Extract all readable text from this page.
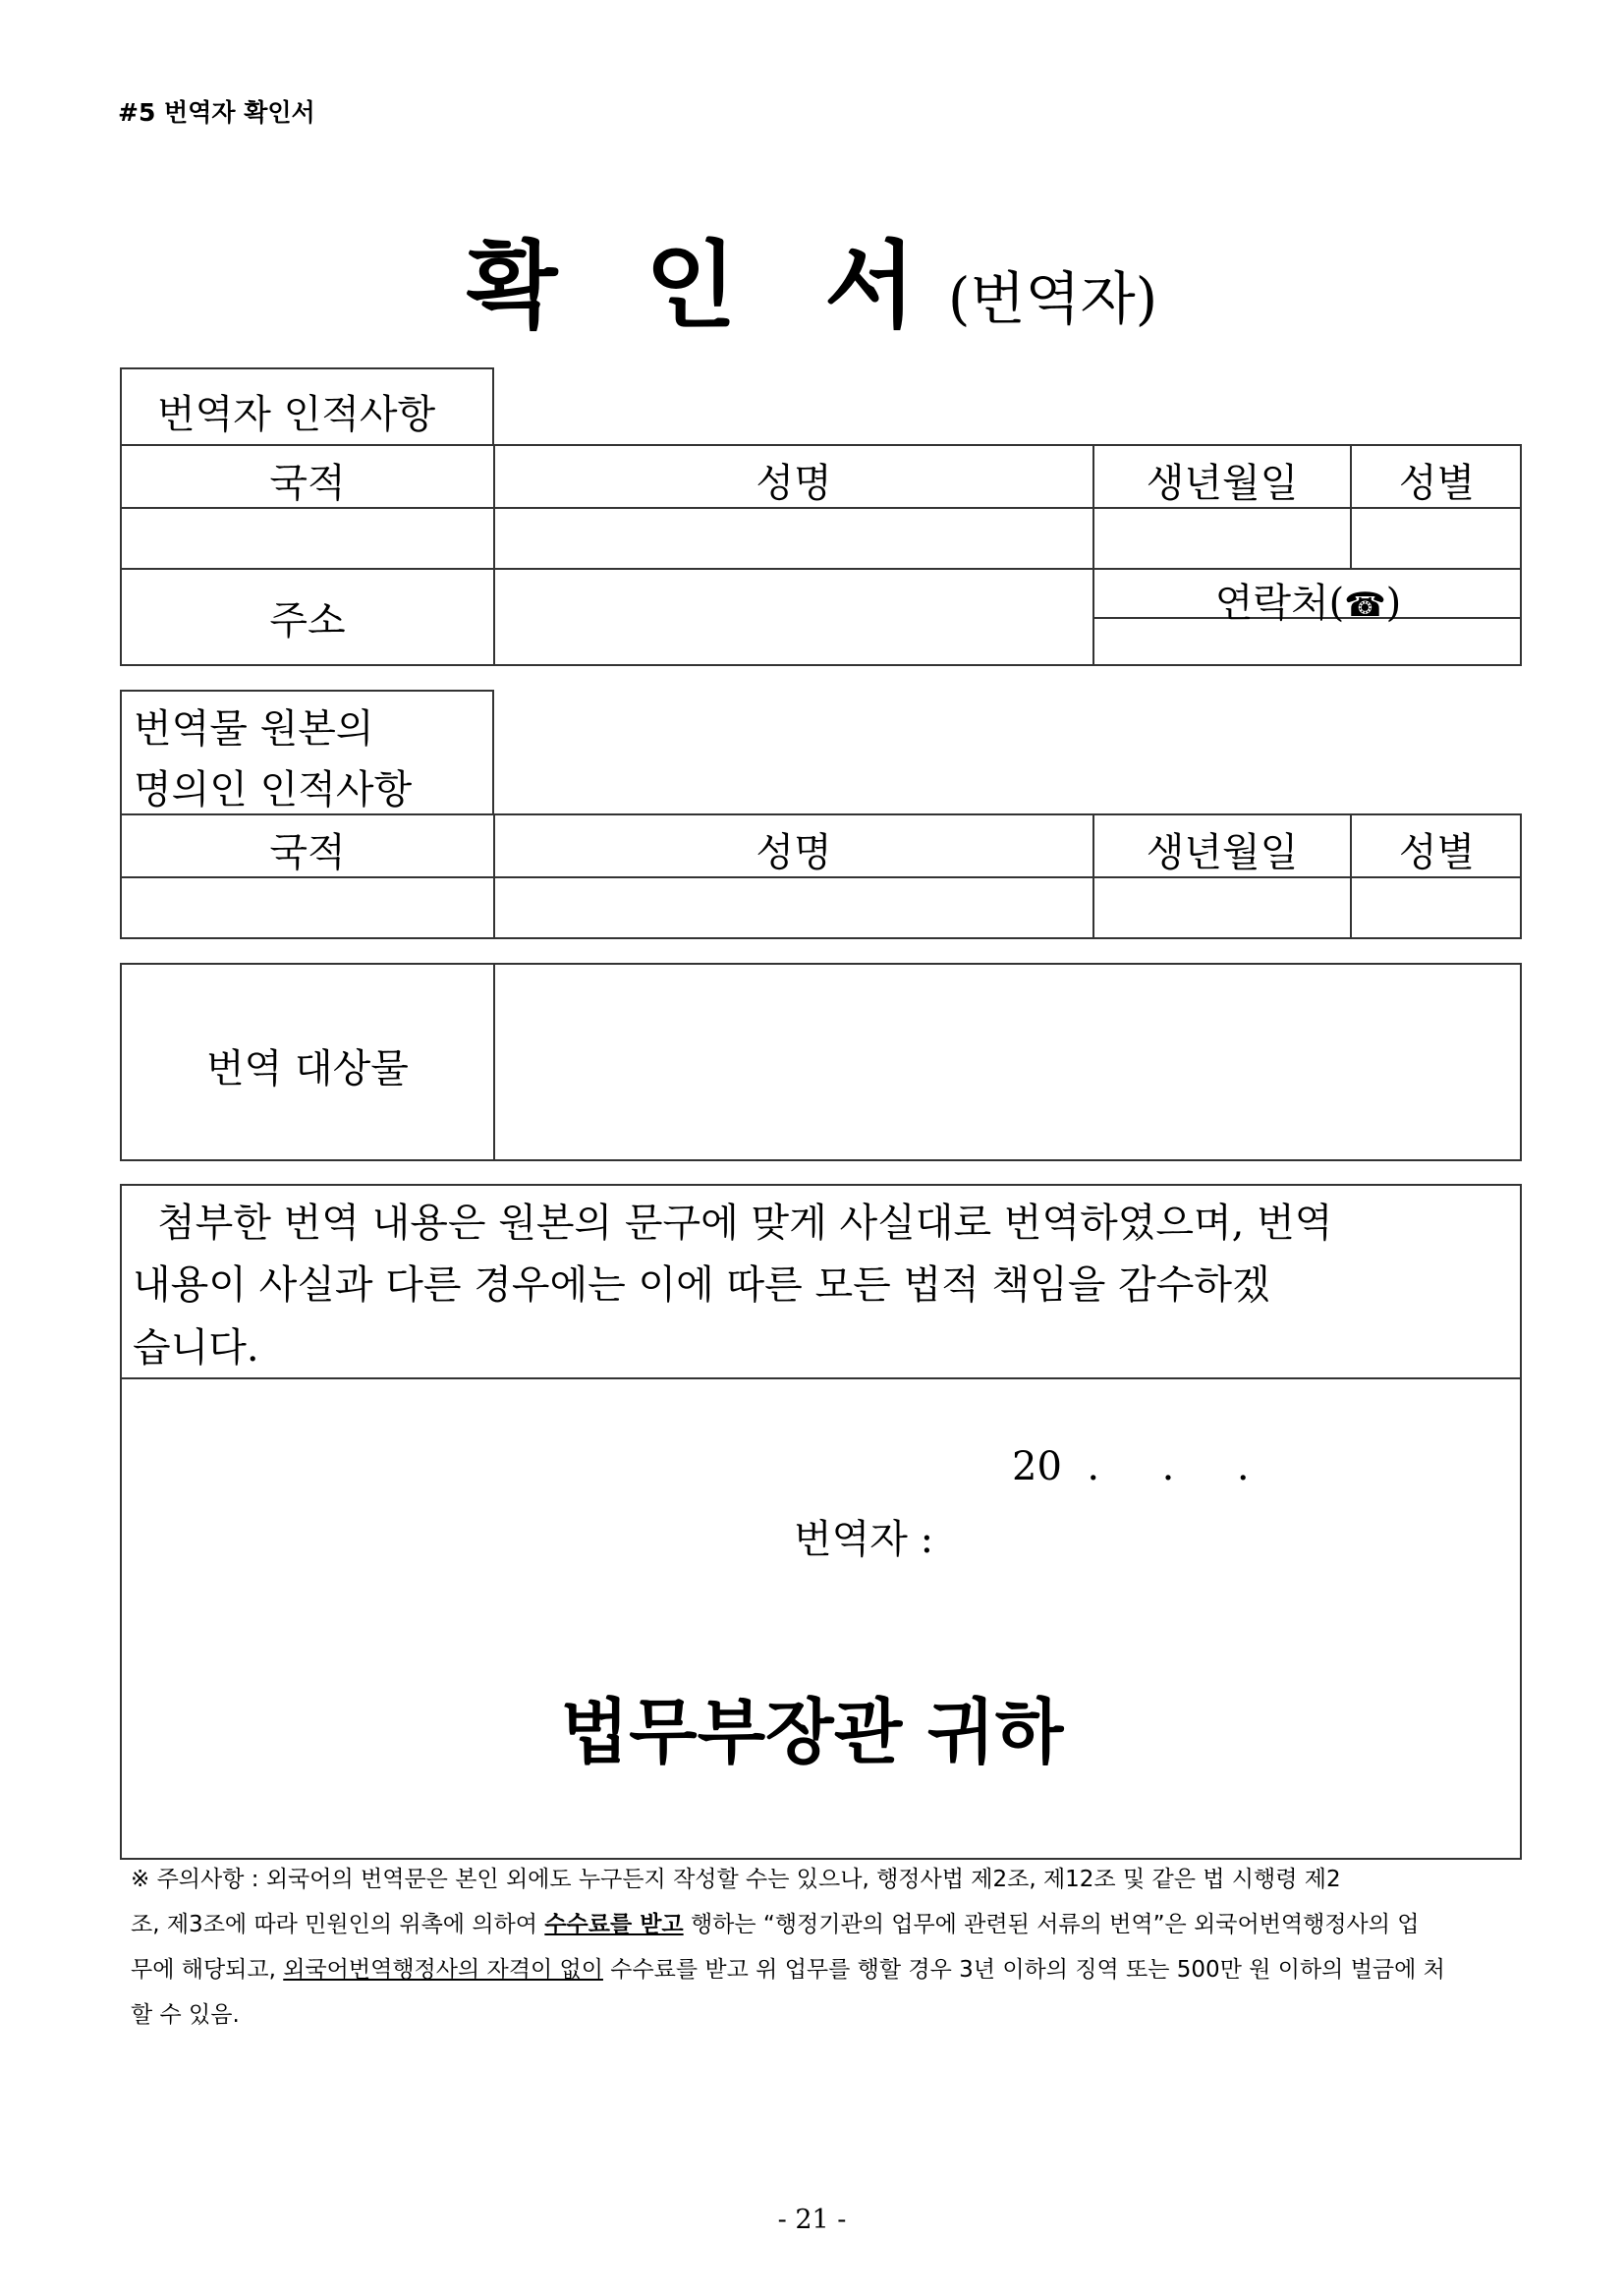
#5 번역자 확인서
확 인 서 (번역자)
번역자 인적사항
국적	성명	생년월일	성별
주소	연락처(☎)
번역물 원본의
명의인 인적사항
국적	성명	생년월일	성별
번역 대상물
첨부한 번역 내용은 원본의 문구에 맞게 사실대로 번역하였으며, 번역
내용이 사실과 다른 경우에는 이에 따른 모든 법적 책임을 감수하겠
습니다.
20  .     .     .
번역자 :
법무부장관 귀하
※ 주의사항 : 외국어의 번역문은 본인 외에도 누구든지 작성할 수는 있으나, 행정사법 제2조, 제12조 및 같은 법 시행령 제2
조, 제3조에 따라 민원인의 위촉에 의하여 수수료를 받고 행하는 “행정기관의 업무에 관련된 서류의 번역”은 외국어번역행정사의 업
무에 해당되고, 외국어번역행정사의 자격이 없이 수수료를 받고 위 업무를 행할 경우 3년 이하의 징역 또는 500만 원 이하의 벌금에 처
할 수 있음.
- 21 -
